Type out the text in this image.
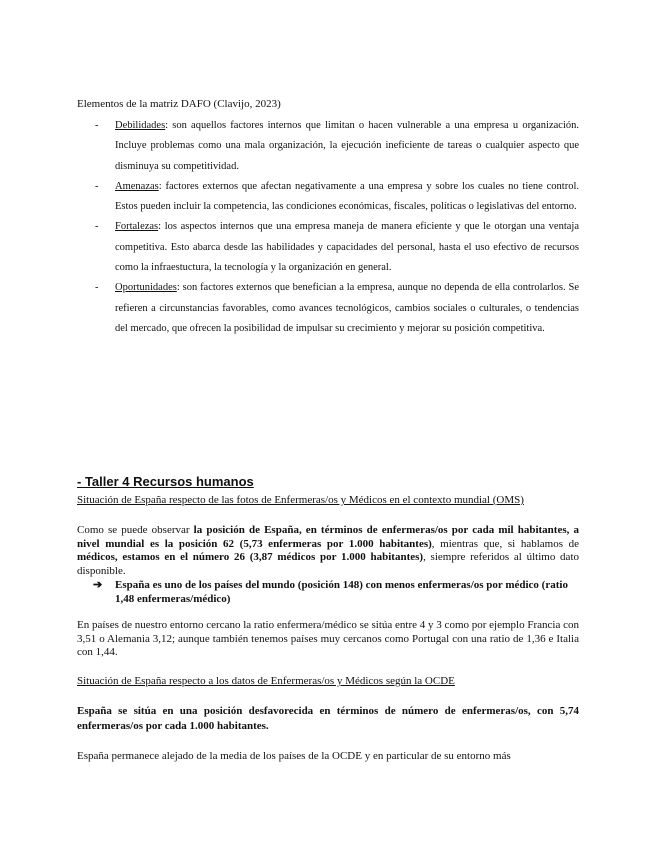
Elementos de la matriz DAFO (Clavijo, 2023)
- Debilidades: son aquellos factores internos que limitan o hacen vulnerable a una empresa u organización. Incluye problemas como una mala organización, la ejecución ineficiente de tareas o cualquier aspecto que disminuya su competitividad.
- Amenazas: factores externos que afectan negativamente a una empresa y sobre los cuales no tiene control. Estos pueden incluir la competencia, las condiciones económicas, fiscales, políticas o legislativas del entorno.
- Fortalezas: los aspectos internos que una empresa maneja de manera eficiente y que le otorgan una ventaja competitiva. Esto abarca desde las habilidades y capacidades del personal, hasta el uso efectivo de recursos como la infraestuctura, la tecnología y la organización en general.
- Oportunidades: son factores externos que benefician a la empresa, aunque no dependa de ella controlarlos. Se refieren a circunstancias favorables, como avances tecnológicos, cambios sociales o culturales, o tendencias del mercado, que ofrecen la posibilidad de impulsar su crecimiento y mejorar su posición competitiva.
- Taller 4 Recursos humanos
Situación de España respecto de las fotos de Enfermeras/os y Médicos en el contexto mundial (OMS)

Como se puede observar la posición de España, en términos de enfermeras/os por cada mil habitantes, a nivel mundial es la posición 62 (5,73 enfermeras por 1.000 habitantes), mientras que, si hablamos de médicos, estamos en el número 26 (3,87 médicos por 1.000 habitantes), siempre referidos al último dato disponible.

➔	España es uno de los países del mundo (posición 148) con menos enfermeras/os por médico (ratio 1,48 enfermeras/médico)

En países de nuestro entorno cercano la ratio enfermera/médico se sitúa entre 4 y 3 como por ejemplo Francia con 3,51 o Alemania 3,12; aunque también tenemos países muy cercanos como Portugal con una ratio de 1,36 e Italia con 1,44.

Situación de España respecto a los datos de Enfermeras/os y Médicos según la OCDE

España se sitúa en una posición desfavorecida en términos de número de enfermeras/os, con 5,74 enfermeras/os por cada 1.000 habitantes.

España permanece alejado de la media de los países de la OCDE y en particular de su entorno más
